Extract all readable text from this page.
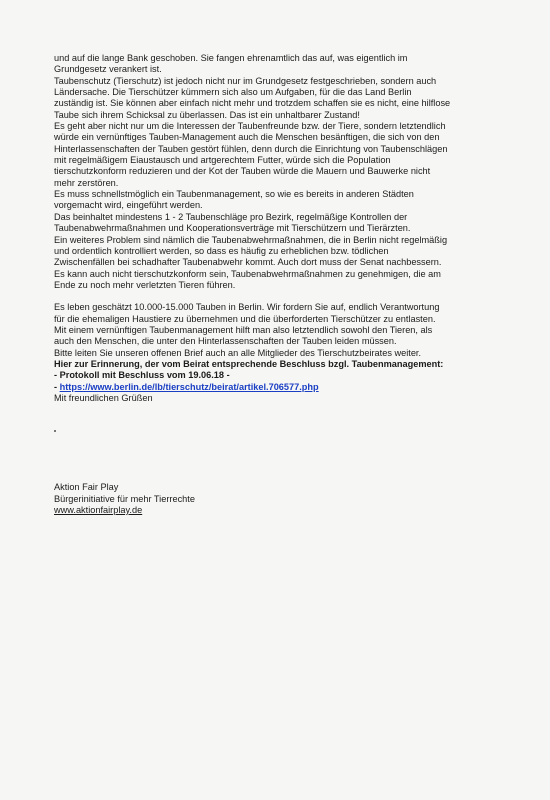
und auf die lange Bank geschoben. Sie fangen ehrenamtlich das auf, was eigentlich im

Grundgesetz verankert ist.

Taubenschutz (Tierschutz) ist jedoch nicht nur im Grundgesetz festgeschrieben, sondern auch

Ländersache. Die Tierschützer kümmern sich also um Aufgaben, für die das Land Berlin

zuständig ist. Sie können aber einfach nicht mehr und trotzdem schaffen sie es nicht, eine hilflose

Taube sich ihrem Schicksal zu überlassen. Das ist ein unhaltbarer Zustand!

Es geht aber nicht nur um die Interessen der Taubenfreunde bzw. der Tiere, sondern letztendlich

würde ein vernünftiges Tauben-Management auch die Menschen besänftigen, die sich von den

Hinterlassenschaften der Tauben gestört fühlen, denn durch die Einrichtung von Taubenschlägen

mit regelmäßigem Eiaustausch und artgerechtem Futter, würde sich die Population

tierschutzkonform reduzieren und der Kot der Tauben würde die Mauern und Bauwerke nicht

mehr zerstören.

Es muss schnellstmöglich ein Taubenmanagement, so wie es bereits in anderen Städten

vorgemacht wird, eingeführt werden.

Das beinhaltet mindestens 1 - 2 Taubenschläge pro Bezirk, regelmäßige Kontrollen der

Taubenabwehrmaßnahmen und Kooperationsverträge mit Tierschützern und Tierärzten.

Ein weiteres Problem sind nämlich die Taubenabwehrmaßnahmen, die in Berlin nicht regelmäßig

und ordentlich kontrolliert werden, so dass es häufig zu erheblichen bzw. tödlichen

Zwischenfällen bei schadhafter Taubenabwehr kommt. Auch dort muss der Senat nachbessern.

Es kann auch nicht tierschutzkonform sein, Taubenabwehrmaßnahmen zu genehmigen, die am

Ende zu noch mehr verletzten Tieren führen.

Es leben geschätzt 10.000-15.000 Tauben in Berlin. Wir fordern Sie auf, endlich Verantwortung

für die ehemaligen Haustiere zu übernehmen und die überforderten Tierschützer zu entlasten.

Mit einem vernünftigen Taubenmanagement hilft man also letztendlich sowohl den Tieren, als

auch den Menschen, die unter den Hinterlassenschaften der Tauben leiden müssen.

Bitte leiten Sie unseren offenen Brief auch an alle Mitglieder des Tierschutzbeirates weiter.

Hier zur Erinnerung, der vom Beirat entsprechende Beschluss bzgl. Taubenmanagement:

- Protokoll mit Beschluss vom 19.06.18 -

- https://www.berlin.de/lb/tierschutz/beirat/artikel.706577.php

Mit freundlichen Grüßen

Aktion Fair Play

Bürgerinitiative für mehr Tierrechte

www.aktionfairplay.de
